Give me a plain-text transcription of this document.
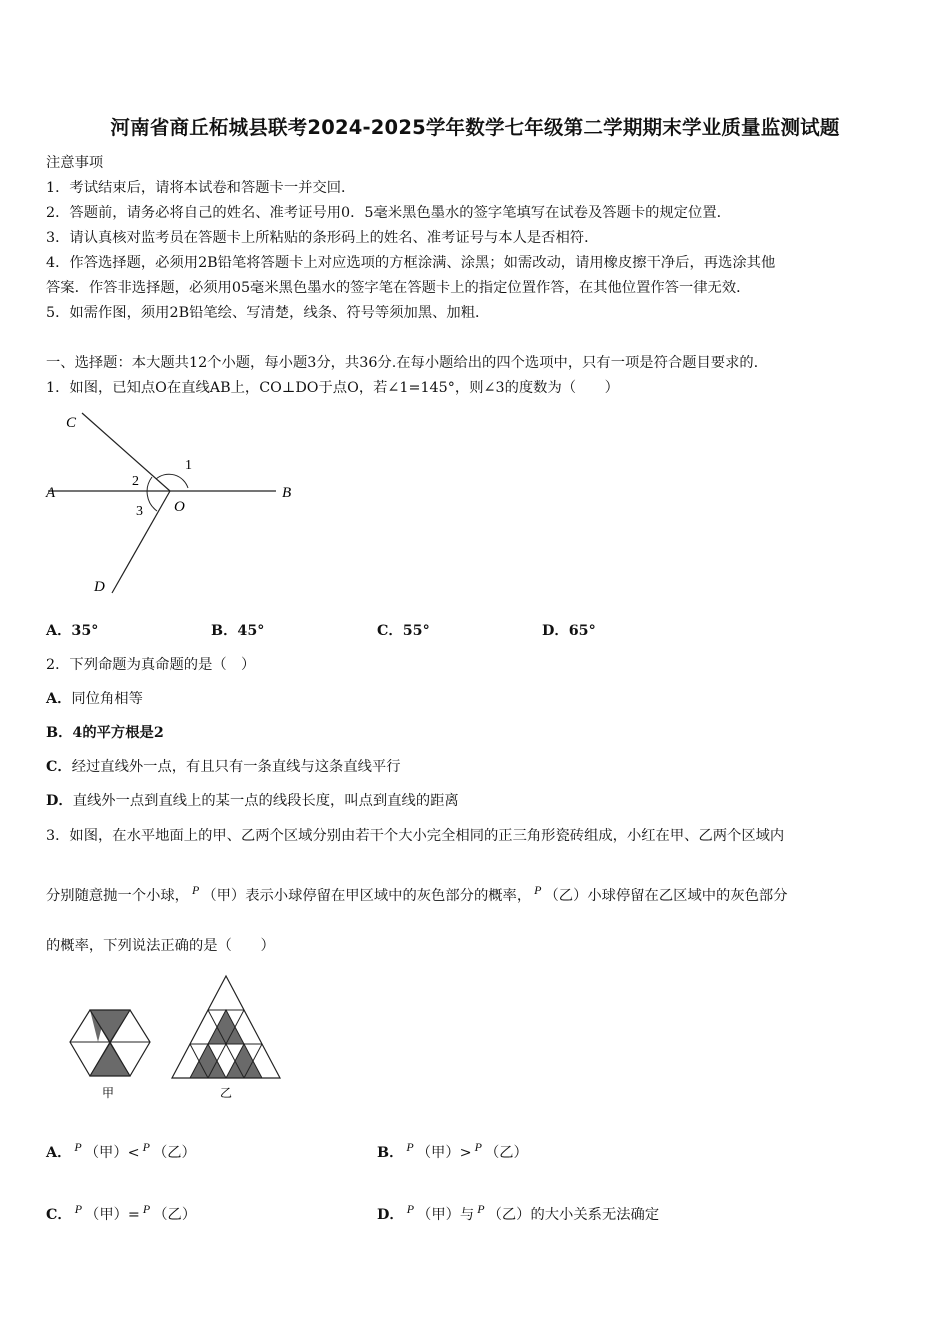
河南省商丘柘城县联考2024-2025学年数学七年级第二学期期末学业质量监测试题
注意事项
1．考试结束后，请将本试卷和答题卡一并交回．
2．答题前，请务必将自己的姓名、准考证号用0．5毫米黑色墨水的签字笔填写在试卷及答题卡的规定位置．
3．请认真核对监考员在答题卡上所粘贴的条形码上的姓名、准考证号与本人是否相符．
4．作答选择题，必须用2B铅笔将答题卡上对应选项的方框涂满、涂黑；如需改动，请用橡皮擦干净后，再选涂其他
答案．作答非选择题，必须用05毫米黑色墨水的签字笔在答题卡上的指定位置作答，在其他位置作答一律无效．
5．如需作图，须用2B铅笔绘、写清楚，线条、符号等须加黑、加粗．
一、选择题：本大题共12个小题，每小题3分，共36分.在每小题给出的四个选项中，只有一项是符合题目要求的.
1．如图，已知点O在直线AB上，CO⊥DO于点O，若∠1=145°，则∠3的度数为（　　）
C
A	B
O
D
1
2
3
A．35°	B．45°	C．55°	D．65°
2．下列命题为真命题的是（　）
A．同位角相等
B．4的平方根是2
C．经过直线外一点，有且只有一条直线与这条直线平行
D．直线外一点到直线上的某一点的线段长度，叫点到直线的距离
3．如图，在水平地面上的甲、乙两个区域分别由若干个大小完全相同的正三角形瓷砖组成，小红在甲、乙两个区域内
分别随意抛一个小球， $^P$ （甲）表示小球停留在甲区域中的灰色部分的概率， $^P$ （乙）小球停留在乙区域中的灰色部分
的概率，下列说法正确的是（　　）
甲	乙
A． $^P$ （甲）< $^P$ （乙）	B． $^P$ （甲）> $^P$ （乙）
C． $^P$ （甲）= $^P$ （乙）	D． $^P$ （甲）与 $^P$ （乙）的大小关系无法确定
